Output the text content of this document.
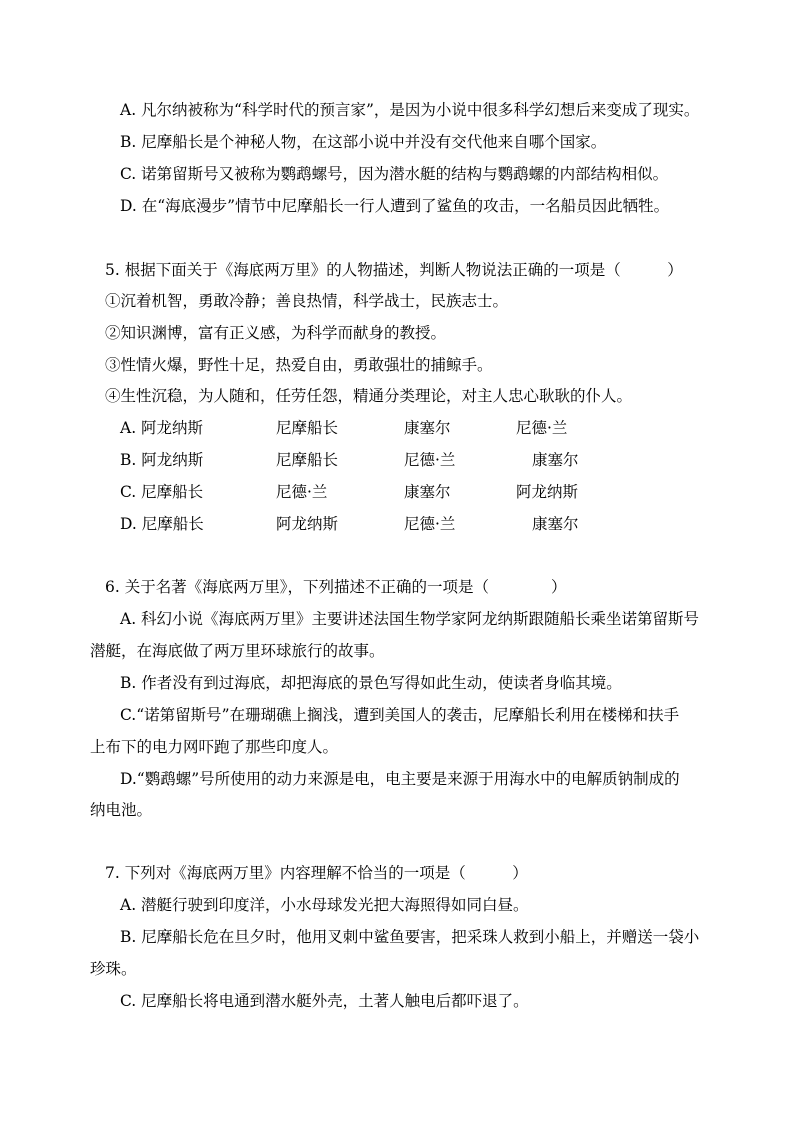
A. 凡尔纳被称为“科学时代的预言家”，是因为小说中很多科学幻想后来变成了现实。
B. 尼摩船长是个神秘人物，在这部小说中并没有交代他来自哪个国家。
C. 诺第留斯号又被称为鹦鹉螺号，因为潜水艇的结构与鹦鹉螺的内部结构相似。
D. 在“海底漫步”情节中尼摩船长一行人遭到了鲨鱼的攻击，一名船员因此牺牲。
5. 根据下面关于《海底两万里》的人物描述，判断人物说法正确的一项是（　　　）
①沉着机智，勇敢冷静；善良热情，科学战士，民族志士。
②知识渊博，富有正义感，为科学而献身的教授。
③性情火爆，野性十足，热爱自由，勇敢强壮的捕鲸手。
④生性沉稳，为人随和，任劳任怨，精通分类理论，对主人忠心耿耿的仆人。
A. 阿龙纳斯	尼摩船长	康塞尔	尼德·兰
B. 阿龙纳斯	尼摩船长	尼德·兰	康塞尔
C. 尼摩船长	尼德·兰	康塞尔	阿龙纳斯
D. 尼摩船长	阿龙纳斯	尼德·兰	康塞尔
6. 关于名著《海底两万里》，下列描述不正确的一项是（　　　　）
A. 科幻小说《海底两万里》主要讲述法国生物学家阿龙纳斯跟随船长乘坐诺第留斯号
潜艇，在海底做了两万里环球旅行的故事。
B. 作者没有到过海底，却把海底的景色写得如此生动，使读者身临其境。
C.“诺第留斯号”在珊瑚礁上搁浅，遭到美国人的袭击，尼摩船长利用在楼梯和扶手
上布下的电力网吓跑了那些印度人。
D.“鹦鹉螺”号所使用的动力来源是电，电主要是来源于用海水中的电解质钠制成的
纳电池。
7. 下列对《海底两万里》内容理解不恰当的一项是（　　　）
A. 潜艇行驶到印度洋，小水母球发光把大海照得如同白昼。
B. 尼摩船长危在旦夕时，他用叉刺中鲨鱼要害，把采珠人救到小船上，并赠送一袋小
珍珠。
C. 尼摩船长将电通到潜水艇外壳，土著人触电后都吓退了。
